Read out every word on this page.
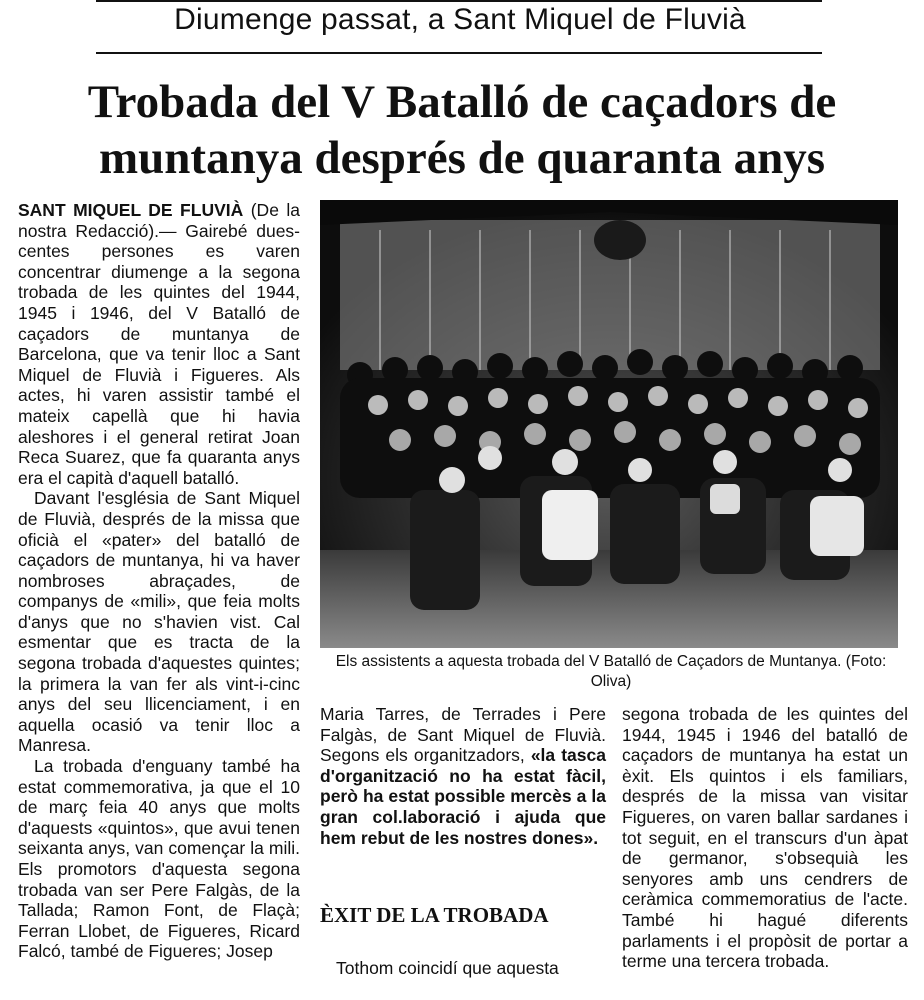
Diumenge passat, a Sant Miquel de Fluvià
Trobada del V Batalló de caçadors de
muntanya després de quaranta anys

SANT MIQUEL DE FLUVIÀ (De la nostra Redacció).— Gairebé dues-centes persones es varen concentrar diumenge a la segona trobada de les quintes del 1944, 1945 i 1946, del V Batalló de caçadors de muntanya de Barcelona, que va tenir lloc a Sant Miquel de Fluvià i Figueres. Als actes, hi varen assistir també el mateix capellà que hi havia aleshores i el general retirat Joan Reca Suarez, que fa quaranta anys era el capità d'aquell batalló.

Davant l'església de Sant Miquel de Fluvià, després de la missa que oficià el «pater» del batalló de caçadors de muntanya, hi va haver nombroses abraçades, de companys de «mili», que feia molts d'anys que no s'havien vist. Cal esmentar que es tracta de la segona trobada d'aquestes quintes; la primera la van fer als vint-i-cinc anys del seu llicenciament, i en aquella ocasió va tenir lloc a Manresa.

La trobada d'enguany també ha estat commemorativa, ja que el 10 de març feia 40 anys que molts d'aquests «quintos», que avui tenen seixanta anys, van començar la mili. Els promotors d'aquesta segona trobada van ser Pere Falgàs, de la Tallada; Ramon Font, de Flaçà; Ferran Llobet, de Figueres, Ricard Falcó, també de Figueres; Josep

Els assistents a aquesta trobada del V Batalló de Caçadors de Muntanya. (Foto: Oliva)

Maria Tarres, de Terrades i Pere Falgàs, de Sant Miquel de Fluvià. Segons els organitzadors, «la tasca d'organització no ha estat fàcil, però ha estat possible mercès a la gran col.laboració i ajuda que hem rebut de les nostres dones».

ÈXIT DE LA TROBADA

Tothom coincidí que aquesta

segona trobada de les quintes del 1944, 1945 i 1946 del batalló de caçadors de muntanya ha estat un èxit. Els quintos i els familiars, després de la missa van visitar Figueres, on varen ballar sardanes i tot seguit, en el transcurs d'un àpat de germanor, s'obsequià les senyores amb uns cendrers de ceràmica commemoratius de l'acte. També hi hagué diferents parlaments i el propòsit de portar a terme una tercera trobada.
